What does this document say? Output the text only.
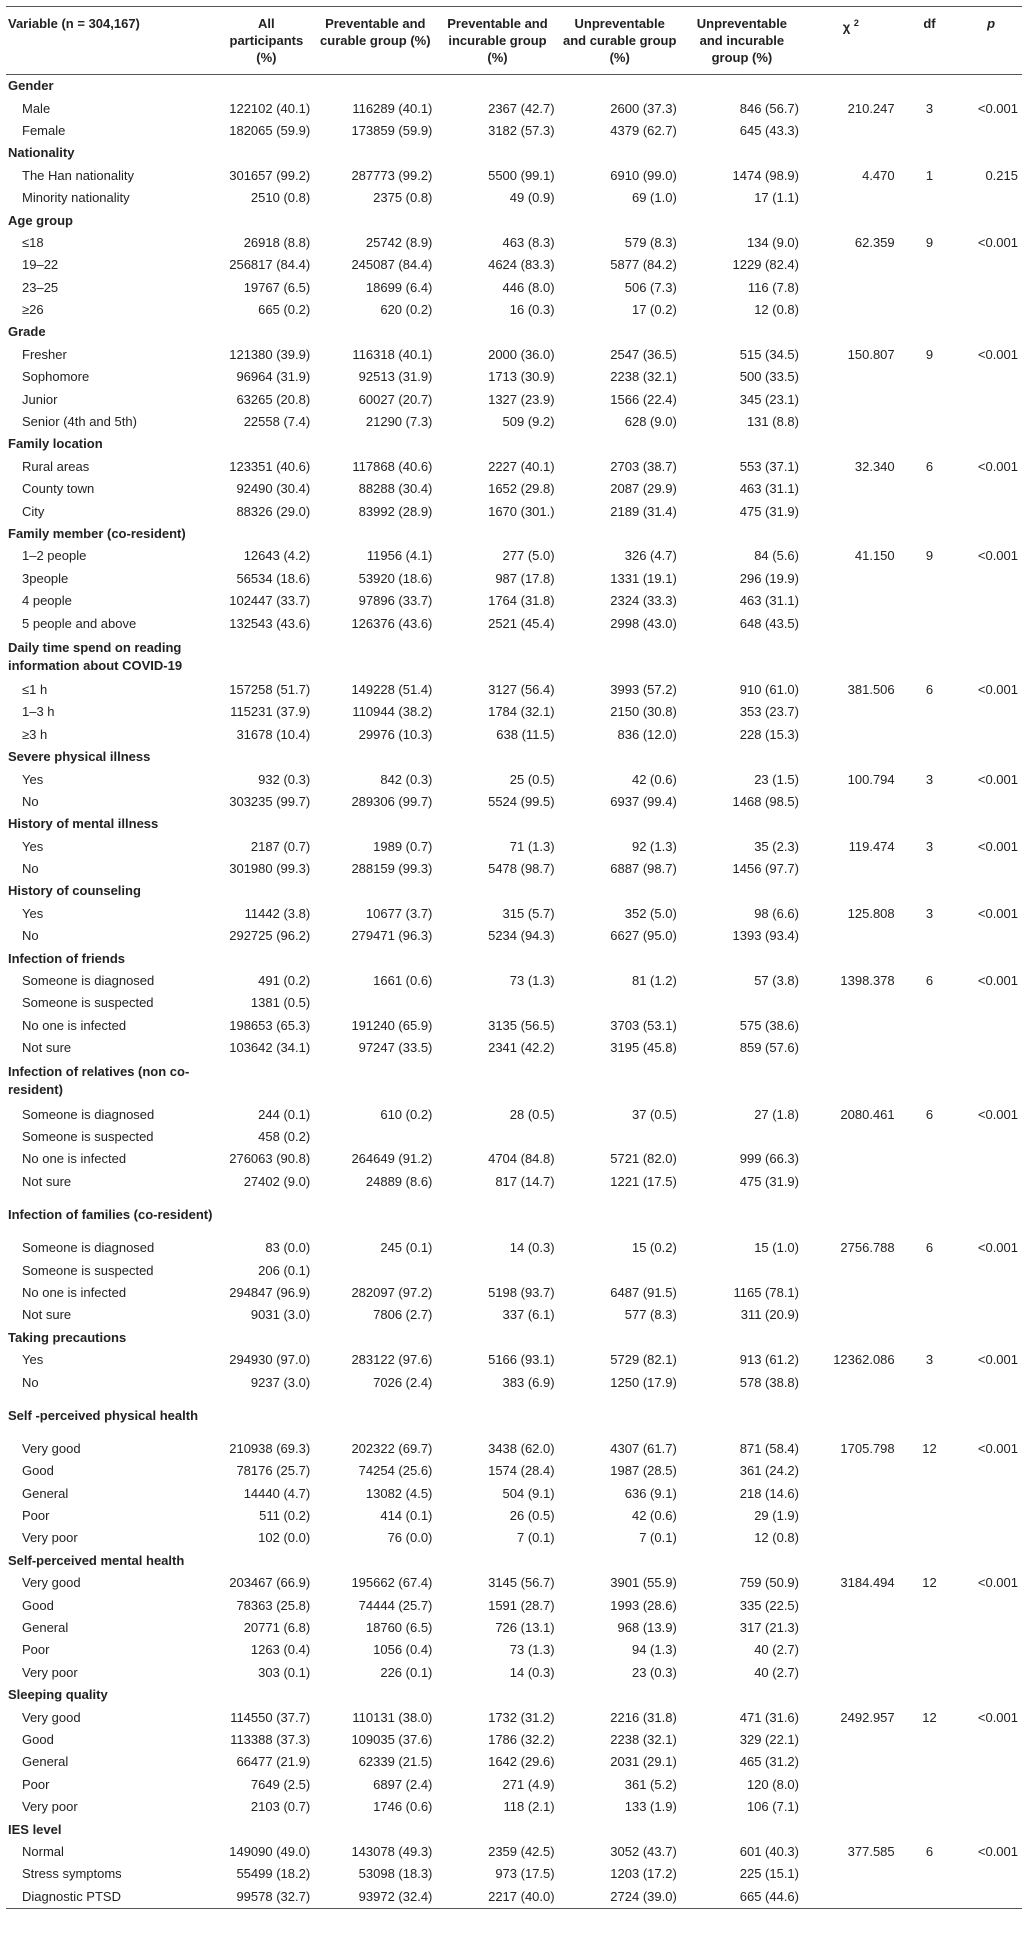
Variable (n = 304,167)	All participants (%)	Preventable and curable group (%)	Preventable and incurable group (%)	Unpreventable and curable group (%)	Unpreventable and incurable group (%)	χ $^2$	df	p
Gender								
Male	122102 (40.1)	116289 (40.1)	2367 (42.7)	2600 (37.3)	846 (56.7)	210.247	3	<0.001
Female	182065 (59.9)	173859 (59.9)	3182 (57.3)	4379 (62.7)	645 (43.3)			
Nationality								
The Han nationality	301657 (99.2)	287773 (99.2)	5500 (99.1)	6910 (99.0)	1474 (98.9)	4.470	1	0.215
Minority nationality	2510 (0.8)	2375 (0.8)	49 (0.9)	69 (1.0)	17 (1.1)			
Age group								
≤18	26918 (8.8)	25742 (8.9)	463 (8.3)	579 (8.3)	134 (9.0)	62.359	9	<0.001
19–22	256817 (84.4)	245087 (84.4)	4624 (83.3)	5877 (84.2)	1229 (82.4)			
23–25	19767 (6.5)	18699 (6.4)	446 (8.0)	506 (7.3)	116 (7.8)			
≥26	665 (0.2)	620 (0.2)	16 (0.3)	17 (0.2)	12 (0.8)			
Grade								
Fresher	121380 (39.9)	116318 (40.1)	2000 (36.0)	2547 (36.5)	515 (34.5)	150.807	9	<0.001
Sophomore	96964 (31.9)	92513 (31.9)	1713 (30.9)	2238 (32.1)	500 (33.5)			
Junior	63265 (20.8)	60027 (20.7)	1327 (23.9)	1566 (22.4)	345 (23.1)			
Senior (4th and 5th)	22558 (7.4)	21290 (7.3)	509 (9.2)	628 (9.0)	131 (8.8)			
Family location								
Rural areas	123351 (40.6)	117868 (40.6)	2227 (40.1)	2703 (38.7)	553 (37.1)	32.340	6	<0.001
County town	92490 (30.4)	88288 (30.4)	1652 (29.8)	2087 (29.9)	463 (31.1)			
City	88326 (29.0)	83992 (28.9)	1670 (301.)	2189 (31.4)	475 (31.9)			
Family member (co-resident)								
1–2 people	12643 (4.2)	11956 (4.1)	277 (5.0)	326 (4.7)	84 (5.6)	41.150	9	<0.001
3people	56534 (18.6)	53920 (18.6)	987 (17.8)	1331 (19.1)	296 (19.9)			
4 people	102447 (33.7)	97896 (33.7)	1764 (31.8)	2324 (33.3)	463 (31.1)			
5 people and above	132543 (43.6)	126376 (43.6)	2521 (45.4)	2998 (43.0)	648 (43.5)			
Daily time spend on reading information about COVID-19								
≤1 h	157258 (51.7)	149228 (51.4)	3127 (56.4)	3993 (57.2)	910 (61.0)	381.506	6	<0.001
1–3 h	115231 (37.9)	110944 (38.2)	1784 (32.1)	2150 (30.8)	353 (23.7)			
≥3 h	31678 (10.4)	29976 (10.3)	638 (11.5)	836 (12.0)	228 (15.3)			
Severe physical illness								
Yes	932 (0.3)	842 (0.3)	25 (0.5)	42 (0.6)	23 (1.5)	100.794	3	<0.001
No	303235 (99.7)	289306 (99.7)	5524 (99.5)	6937 (99.4)	1468 (98.5)			
History of mental illness								
Yes	2187 (0.7)	1989 (0.7)	71 (1.3)	92 (1.3)	35 (2.3)	119.474	3	<0.001
No	301980 (99.3)	288159 (99.3)	5478 (98.7)	6887 (98.7)	1456 (97.7)			
History of counseling								
Yes	11442 (3.8)	10677 (3.7)	315 (5.7)	352 (5.0)	98 (6.6)	125.808	3	<0.001
No	292725 (96.2)	279471 (96.3)	5234 (94.3)	6627 (95.0)	1393 (93.4)			
Infection of friends								
Someone is diagnosed	491 (0.2)	1661 (0.6)	73 (1.3)	81 (1.2)	57 (3.8)	1398.378	6	<0.001
Someone is suspected	1381 (0.5)							
No one is infected	198653 (65.3)	191240 (65.9)	3135 (56.5)	3703 (53.1)	575 (38.6)			
Not sure	103642 (34.1)	97247 (33.5)	2341 (42.2)	3195 (45.8)	859 (57.6)			
Infection of relatives (non co-resident)								
Someone is diagnosed	244 (0.1)	610 (0.2)	28 (0.5)	37 (0.5)	27 (1.8)	2080.461	6	<0.001
Someone is suspected	458 (0.2)							
No one is infected	276063 (90.8)	264649 (91.2)	4704 (84.8)	5721 (82.0)	999 (66.3)			
Not sure	27402 (9.0)	24889 (8.6)	817 (14.7)	1221 (17.5)	475 (31.9)			
Infection of families (co-resident)								
Someone is diagnosed	83 (0.0)	245 (0.1)	14 (0.3)	15 (0.2)	15 (1.0)	2756.788	6	<0.001
Someone is suspected	206 (0.1)							
No one is infected	294847 (96.9)	282097 (97.2)	5198 (93.7)	6487 (91.5)	1165 (78.1)			
Not sure	9031 (3.0)	7806 (2.7)	337 (6.1)	577 (8.3)	311 (20.9)			
Taking precautions								
Yes	294930 (97.0)	283122 (97.6)	5166 (93.1)	5729 (82.1)	913 (61.2)	12362.086	3	<0.001
No	9237 (3.0)	7026 (2.4)	383 (6.9)	1250 (17.9)	578 (38.8)			
Self -perceived physical health								
Very good	210938 (69.3)	202322 (69.7)	3438 (62.0)	4307 (61.7)	871 (58.4)	1705.798	12	<0.001
Good	78176 (25.7)	74254 (25.6)	1574 (28.4)	1987 (28.5)	361 (24.2)			
General	14440 (4.7)	13082 (4.5)	504 (9.1)	636 (9.1)	218 (14.6)			
Poor	511 (0.2)	414 (0.1)	26 (0.5)	42 (0.6)	29 (1.9)			
Very poor	102 (0.0)	76 (0.0)	7 (0.1)	7 (0.1)	12 (0.8)			
Self-perceived mental health								
Very good	203467 (66.9)	195662 (67.4)	3145 (56.7)	3901 (55.9)	759 (50.9)	3184.494	12	<0.001
Good	78363 (25.8)	74444 (25.7)	1591 (28.7)	1993 (28.6)	335 (22.5)			
General	20771 (6.8)	18760 (6.5)	726 (13.1)	968 (13.9)	317 (21.3)			
Poor	1263 (0.4)	1056 (0.4)	73 (1.3)	94 (1.3)	40 (2.7)			
Very poor	303 (0.1)	226 (0.1)	14 (0.3)	23 (0.3)	40 (2.7)			
Sleeping quality								
Very good	114550 (37.7)	110131 (38.0)	1732 (31.2)	2216 (31.8)	471 (31.6)	2492.957	12	<0.001
Good	113388 (37.3)	109035 (37.6)	1786 (32.2)	2238 (32.1)	329 (22.1)			
General	66477 (21.9)	62339 (21.5)	1642 (29.6)	2031 (29.1)	465 (31.2)			
Poor	7649 (2.5)	6897 (2.4)	271 (4.9)	361 (5.2)	120 (8.0)			
Very poor	2103 (0.7)	1746 (0.6)	118 (2.1)	133 (1.9)	106 (7.1)			
IES level								
Normal	149090 (49.0)	143078 (49.3)	2359 (42.5)	3052 (43.7)	601 (40.3)	377.585	6	<0.001
Stress symptoms	55499 (18.2)	53098 (18.3)	973 (17.5)	1203 (17.2)	225 (15.1)			
Diagnostic PTSD	99578 (32.7)	93972 (32.4)	2217 (40.0)	2724 (39.0)	665 (44.6)			
